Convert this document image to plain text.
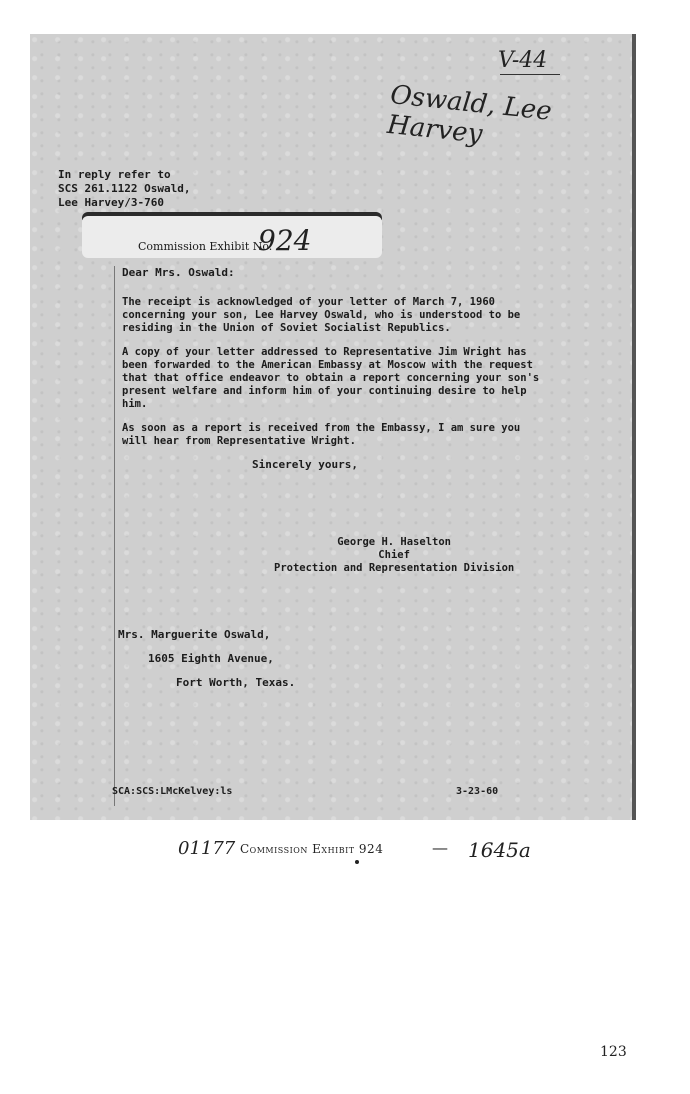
V-44
Oswald, Lee Harvey
In reply refer to
SCS 261.1122 Oswald,
Lee Harvey/3-760
Commission Exhibit No.
924
Dear Mrs. Oswald:
The receipt is acknowledged of your letter of March 7, 1960 concerning your son, Lee Harvey Oswald, who is understood to be residing in the Union of Soviet Socialist Republics.
A copy of your letter addressed to Representative Jim Wright has been forwarded to the American Embassy at Moscow with the request that that office endeavor to obtain a report concerning your son's present welfare and inform him of your continuing desire to help him.
As soon as a report is received from the Embassy, I am sure you will hear from Representative Wright.
Sincerely yours,
George H. Haselton
Chief
Protection and Representation Division
Mrs. Marguerite Oswald,
1605 Eighth Avenue,
Fort Worth, Texas.
SCA:SCS:LMcKelvey:ls	3-23-60
01177 Commission Exhibit 924	— 1645a
123
